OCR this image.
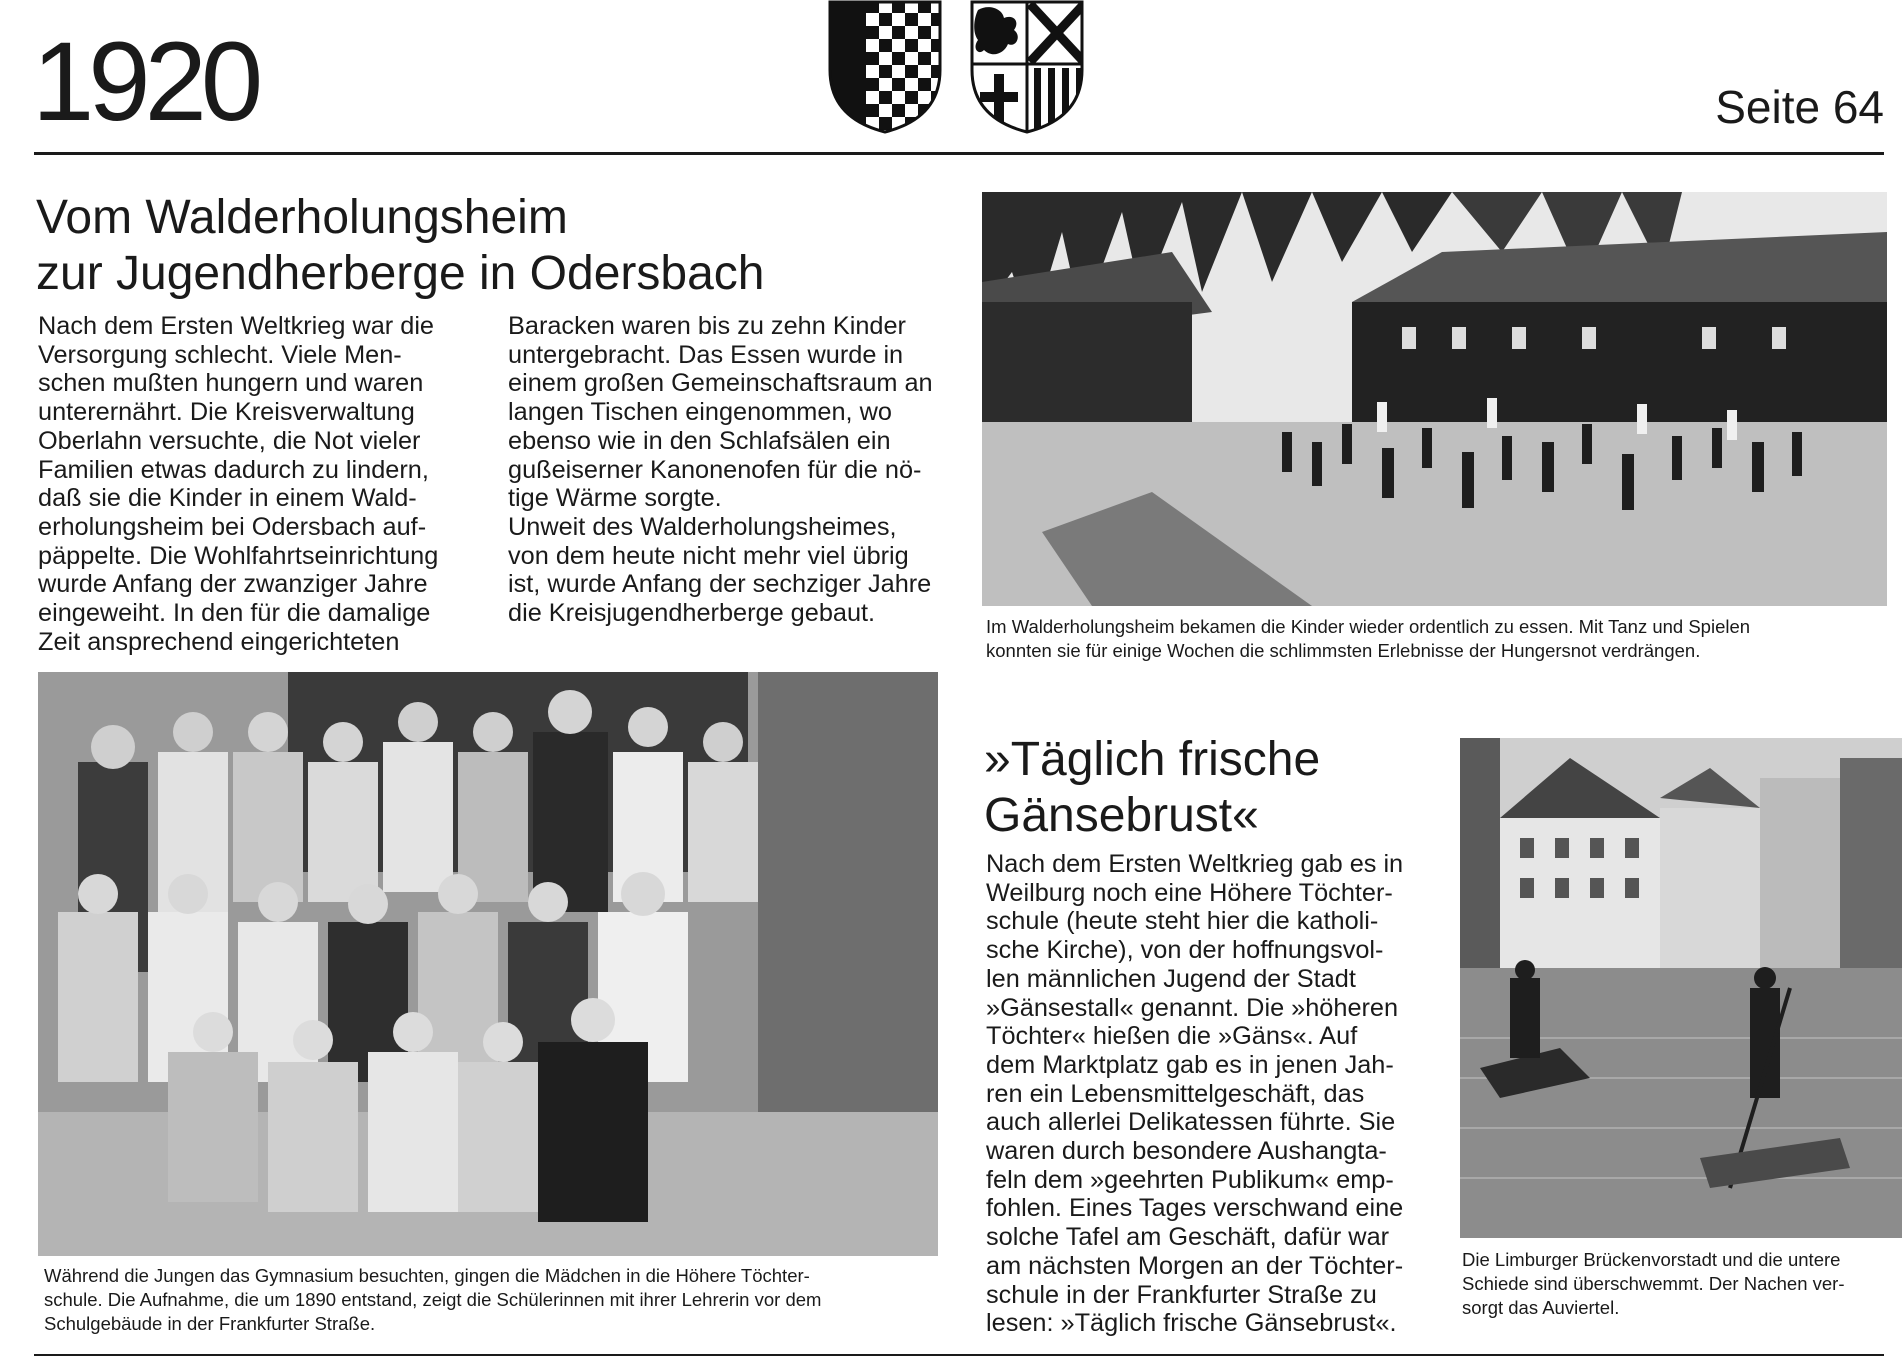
1920	Seite 64
Vom Walderholungsheim
zur Jugendherberge in Odersbach
Nach dem Ersten Weltkrieg war die
Versorgung schlecht. Viele Men-
schen mußten hungern und waren
unterernährt. Die Kreisverwaltung
Oberlahn versuchte, die Not vieler
Familien etwas dadurch zu lindern,
daß sie die Kinder in einem Wald-
erholungsheim bei Odersbach auf-
päppelte. Die Wohlfahrtseinrichtung
wurde Anfang der zwanziger Jahre
eingeweiht. In den für die damalige
Zeit ansprechend eingerichteten
Baracken waren bis zu zehn Kinder
untergebracht. Das Essen wurde in
einem großen Gemeinschaftsraum an
langen Tischen eingenommen, wo
ebenso wie in den Schlafsälen ein
gußeiserner Kanonenofen für die nö-
tige Wärme sorgte.
Unweit des Walderholungsheimes,
von dem heute nicht mehr viel übrig
ist, wurde Anfang der sechziger Jahre
die Kreisjugendherberge gebaut.	Im Walderholungsheim bekamen die Kinder wieder ordentlich zu essen. Mit Tanz und Spielen
konnten sie für einige Wochen die schlimmsten Erlebnisse der Hungersnot verdrängen.
Während die Jungen das Gymnasium besuchten, gingen die Mädchen in die Höhere Töchter-
schule. Die Aufnahme, die um 1890 entstand, zeigt die Schülerinnen mit ihrer Lehrerin vor dem
Schulgebäude in der Frankfurter Straße.
»Täglich frische
Gänsebrust«
Nach dem Ersten Weltkrieg gab es in
Weilburg noch eine Höhere Töchter-
schule (heute steht hier die katholi-
sche Kirche), von der hoffnungsvol-
len männlichen Jugend der Stadt
»Gänsestall« genannt. Die »höheren
Töchter« hießen die »Gäns«. Auf
dem Marktplatz gab es in jenen Jah-
ren ein Lebensmittelgeschäft, das
auch allerlei Delikatessen führte. Sie
waren durch besondere Aushangta-
feln dem »geehrten Publikum« emp-
fohlen. Eines Tages verschwand eine
solche Tafel am Geschäft, dafür war
am nächsten Morgen an der Töchter-
schule in der Frankfurter Straße zu
lesen: »Täglich frische Gänsebrust«.
Die Limburger Brückenvorstadt und die untere
Schiede sind überschwemmt. Der Nachen ver-
sorgt das Auviertel.
